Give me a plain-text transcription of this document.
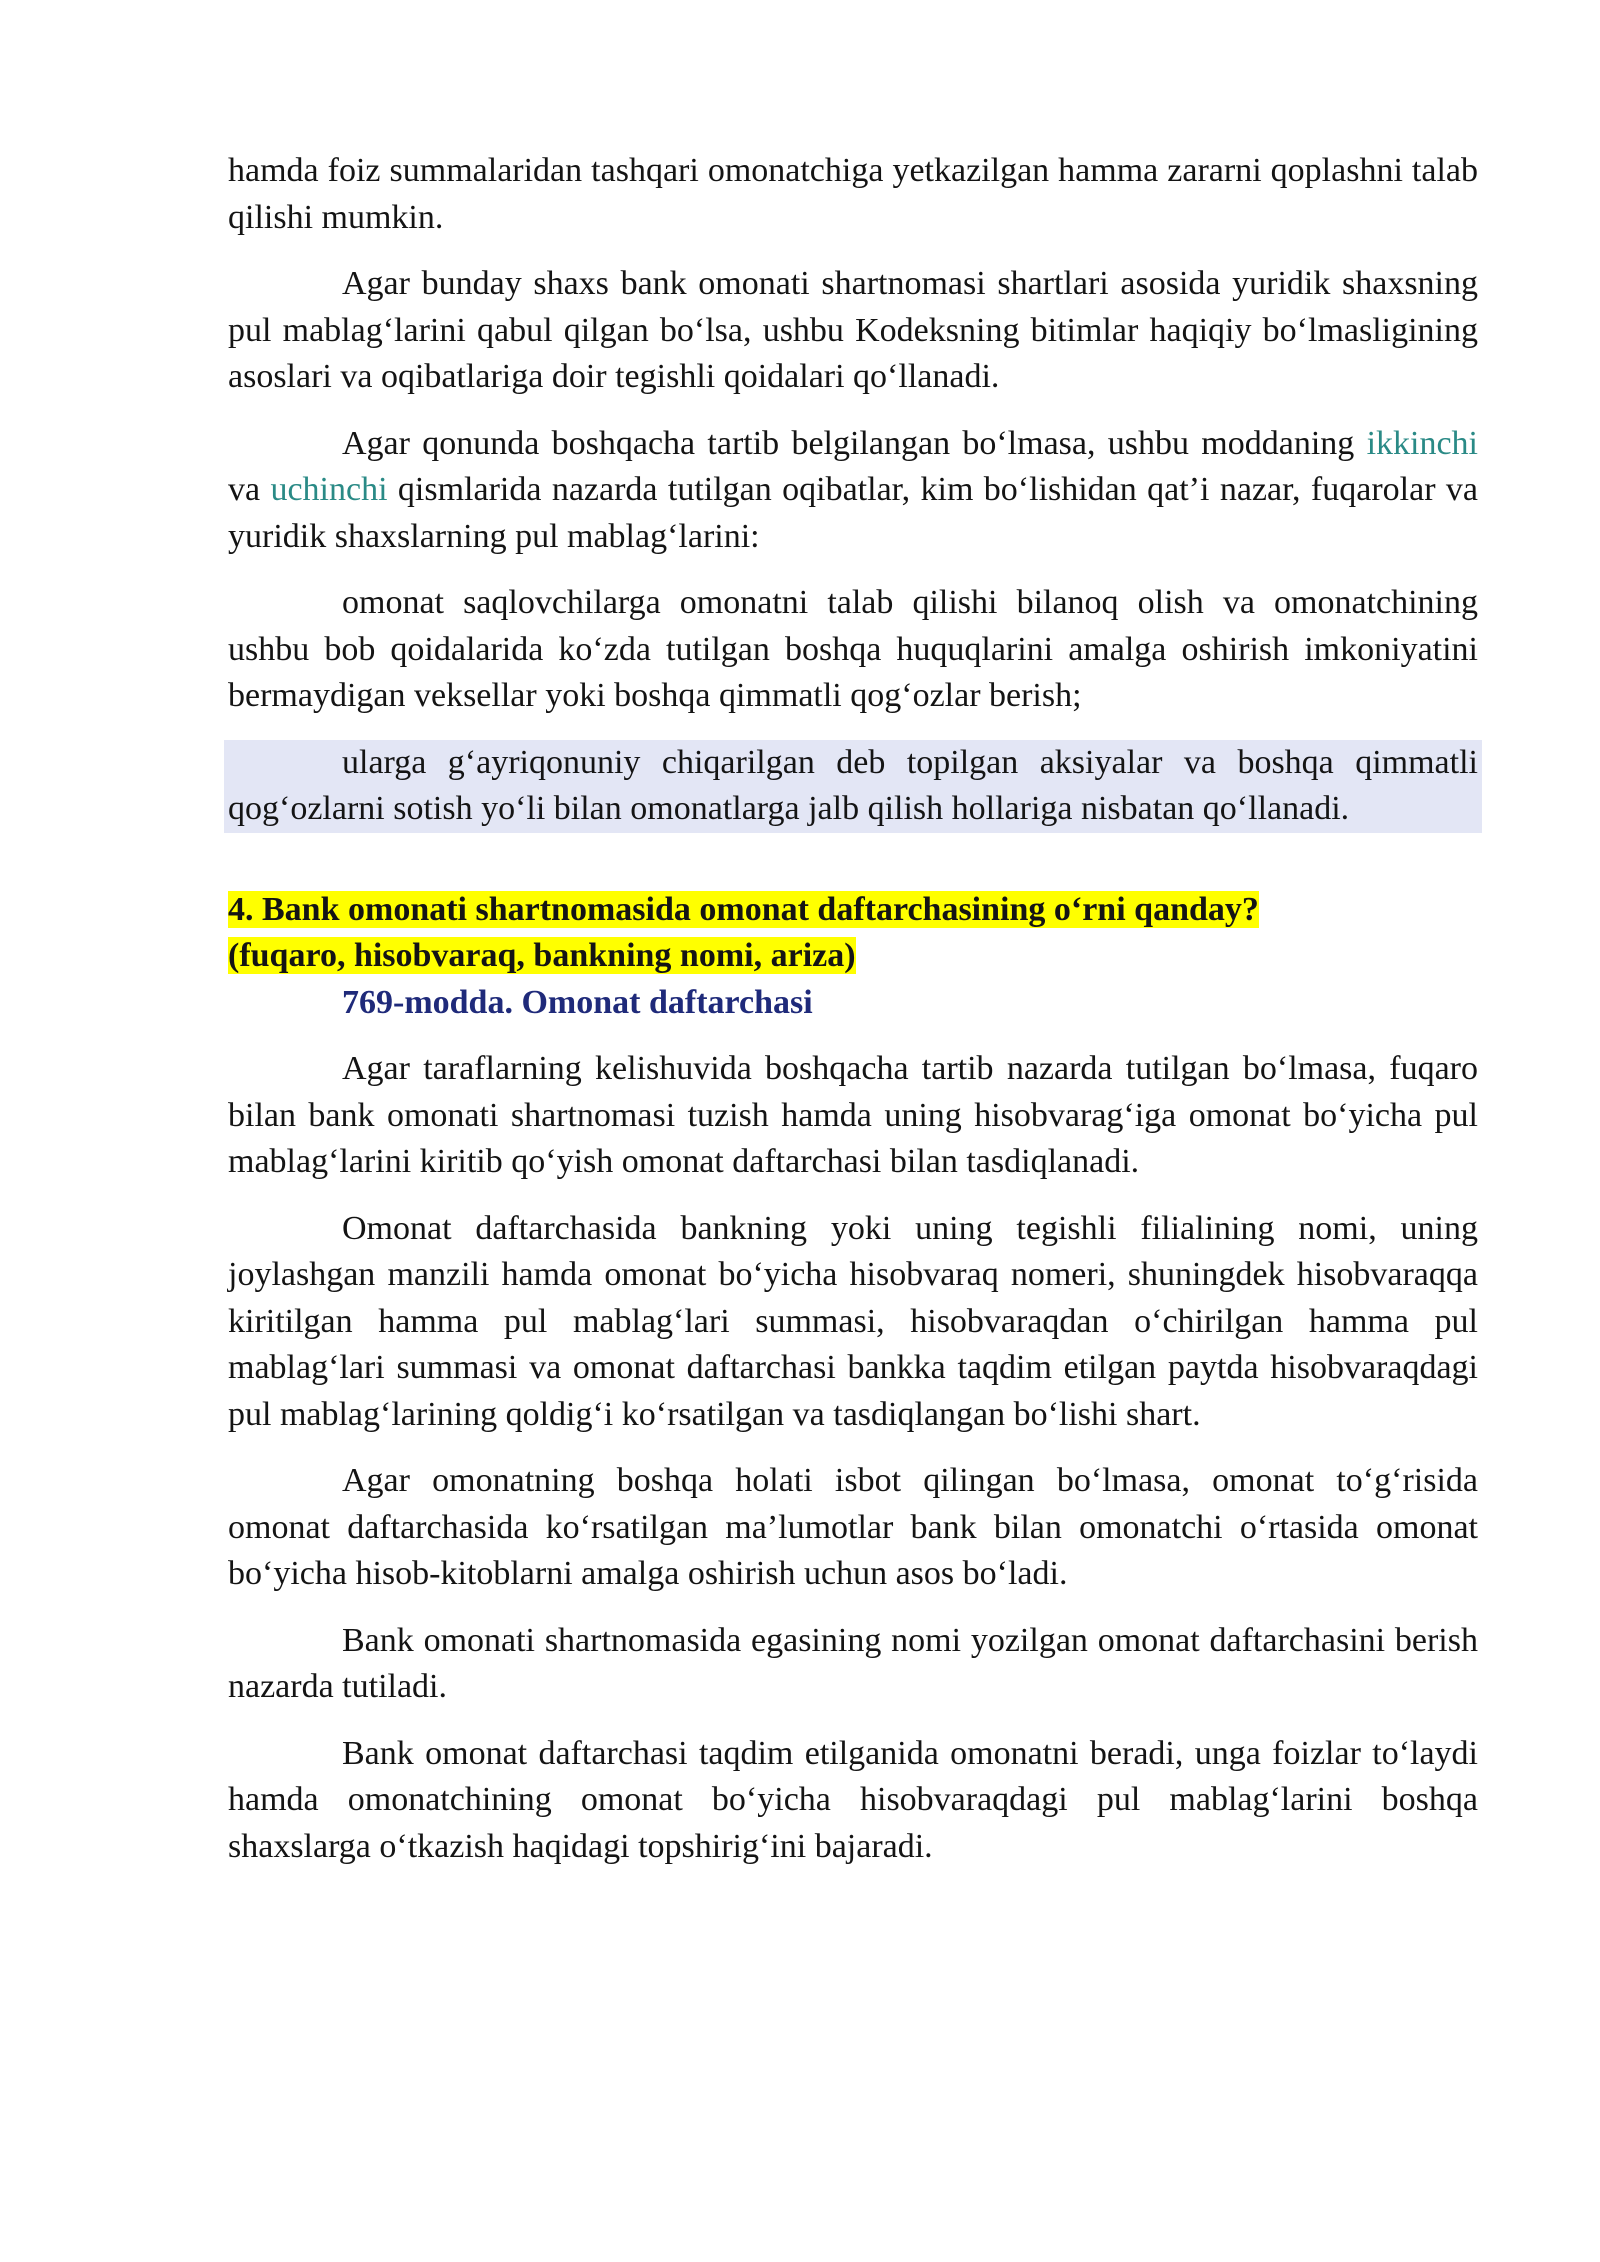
hamda foiz summalaridan tashqari omonatchiga yetkazilgan hamma zararni qoplashni talab qilishi mumkin.

Agar bunday shaxs bank omonati shartnomasi shartlari asosida yuridik shaxsning pul mablag‘larini qabul qilgan bo‘lsa, ushbu Kodeksning bitimlar haqiqiy bo‘lmasligining asoslari va oqibatlariga doir tegishli qoidalari qo‘llanadi.

Agar qonunda boshqacha tartib belgilangan bo‘lmasa, ushbu moddaning ikkinchi va uchinchi qismlarida nazarda tutilgan oqibatlar, kim bo‘lishidan qat’i nazar, fuqarolar va yuridik shaxslarning pul mablag‘larini:

omonat saqlovchilarga omonatni talab qilishi bilanoq olish va omonatchining ushbu bob qoidalarida ko‘zda tutilgan boshqa huquqlarini amalga oshirish imkoniyatini bermaydigan veksellar yoki boshqa qimmatli qog‘ozlar berish;

ularga g‘ayriqonuniy chiqarilgan deb topilgan aksiyalar va boshqa qimmatli qog‘ozlarni sotish yo‘li bilan omonatlarga jalb qilish hollariga nisbatan qo‘llanadi.

4. Bank omonati shartnomasida omonat daftarchasining o‘rni qanday?
(fuqaro, hisobvaraq, bankning nomi, ariza)
769-modda. Omonat daftarchasi

Agar taraflarning kelishuvida boshqacha tartib nazarda tutilgan bo‘lmasa, fuqaro bilan bank omonati shartnomasi tuzish hamda uning hisobvarag‘iga omonat bo‘yicha pul mablag‘larini kiritib qo‘yish omonat daftarchasi bilan tasdiqlanadi.

Omonat daftarchasida bankning yoki uning tegishli filialining nomi, uning joylashgan manzili hamda omonat bo‘yicha hisobvaraq nomeri, shuningdek hisobvaraqqa kiritilgan hamma pul mablag‘lari summasi, hisobvaraqdan o‘chirilgan hamma pul mablag‘lari summasi va omonat daftarchasi bankka taqdim etilgan paytda hisobvaraqdagi pul mablag‘larining qoldig‘i ko‘rsatilgan va tasdiqlangan bo‘lishi shart.

Agar omonatning boshqa holati isbot qilingan bo‘lmasa, omonat to‘g‘risida omonat daftarchasida ko‘rsatilgan ma’lumotlar bank bilan omonatchi o‘rtasida omonat bo‘yicha hisob-kitoblarni amalga oshirish uchun asos bo‘ladi.

Bank omonati shartnomasida egasining nomi yozilgan omonat daftarchasini berish nazarda tutiladi.

Bank omonat daftarchasi taqdim etilganida omonatni beradi, unga foizlar to‘laydi hamda omonatchining omonat bo‘yicha hisobvaraqdagi pul mablag‘larini boshqa shaxslarga o‘tkazish haqidagi topshirig‘ini bajaradi.
